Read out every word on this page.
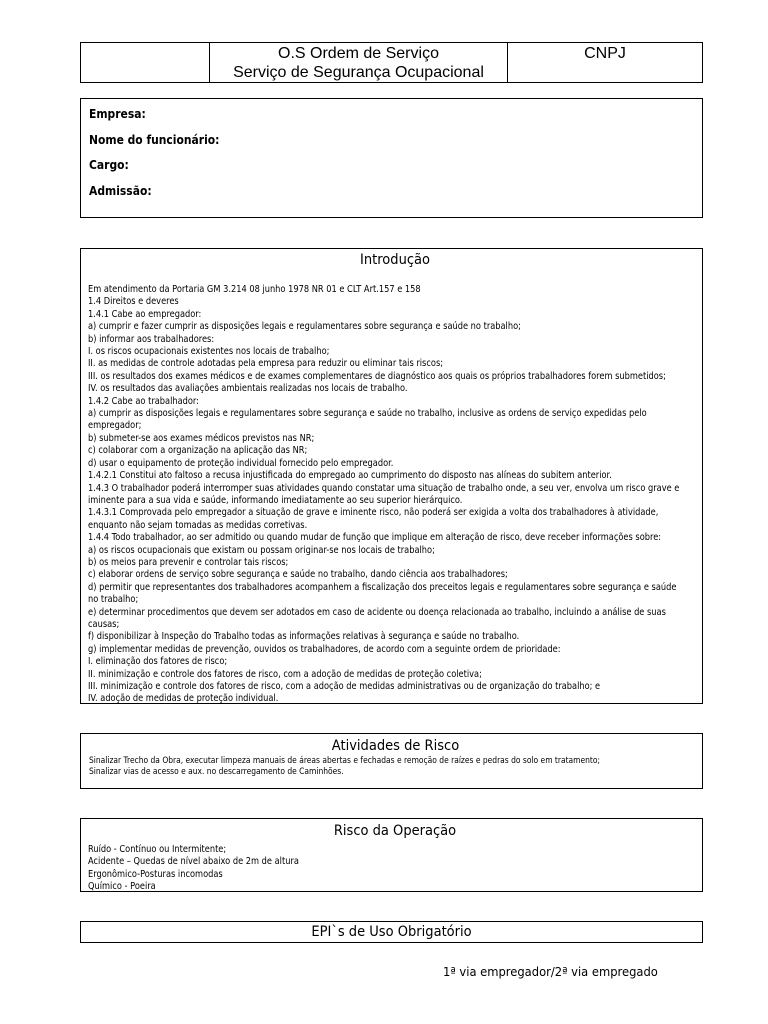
O.S Ordem de Serviço
Serviço de Segurança Ocupacional
CNPJ
Empresa:
Nome do funcionário:
Cargo:
Admissão:
Introdução
Em atendimento da Portaria GM 3.214 08 junho 1978 NR 01 e CLT Art.157 e 158
1.4 Direitos e deveres
1.4.1 Cabe ao empregador:
a) cumprir e fazer cumprir as disposições legais e regulamentares sobre segurança e saúde no trabalho;
b) informar aos trabalhadores:
I. os riscos ocupacionais existentes nos locais de trabalho;
II. as medidas de controle adotadas pela empresa para reduzir ou eliminar tais riscos;
III. os resultados dos exames médicos e de exames complementares de diagnóstico aos quais os próprios trabalhadores forem submetidos;
IV. os resultados das avaliações ambientais realizadas nos locais de trabalho.
1.4.2 Cabe ao trabalhador:
a) cumprir as disposições legais e regulamentares sobre segurança e saúde no trabalho, inclusive as ordens de serviço expedidas pelo
empregador;
b) submeter-se aos exames médicos previstos nas NR;
c) colaborar com a organização na aplicação das NR;
d) usar o equipamento de proteção individual fornecido pelo empregador.
1.4.2.1 Constitui ato faltoso a recusa injustificada do empregado ao cumprimento do disposto nas alíneas do subitem anterior.
1.4.3 O trabalhador poderá interromper suas atividades quando constatar uma situação de trabalho onde, a seu ver, envolva um risco grave e
iminente para a sua vida e saúde, informando imediatamente ao seu superior hierárquico.
1.4.3.1 Comprovada pelo empregador a situação de grave e iminente risco, não poderá ser exigida a volta dos trabalhadores à atividade,
enquanto não sejam tomadas as medidas corretivas.
1.4.4 Todo trabalhador, ao ser admitido ou quando mudar de função que implique em alteração de risco, deve receber informações sobre:
a) os riscos ocupacionais que existam ou possam originar-se nos locais de trabalho;
b) os meios para prevenir e controlar tais riscos;
c) elaborar ordens de serviço sobre segurança e saúde no trabalho, dando ciência aos trabalhadores;
d) permitir que representantes dos trabalhadores acompanhem a fiscalização dos preceitos legais e regulamentares sobre segurança e saúde
no trabalho;
e) determinar procedimentos que devem ser adotados em caso de acidente ou doença relacionada ao trabalho, incluindo a análise de suas
causas;
f) disponibilizar à Inspeção do Trabalho todas as informações relativas à segurança e saúde no trabalho.
g) implementar medidas de prevenção, ouvidos os trabalhadores, de acordo com a seguinte ordem de prioridade:
I. eliminação dos fatores de risco;
II. minimização e controle dos fatores de risco, com a adoção de medidas de proteção coletiva;
III. minimização e controle dos fatores de risco, com a adoção de medidas administrativas ou de organização do trabalho; e
IV. adoção de medidas de proteção individual.
Atividades de Risco
Sinalizar Trecho da Obra, executar limpeza manuais de áreas abertas e fechadas e remoção de raízes e pedras do solo em tratamento;
Sinalizar vias de acesso e aux. no descarregamento de Caminhões.
Risco da Operação
Ruído - Contínuo ou Intermitente;
Acidente – Quedas de nível abaixo de 2m de altura
Ergonômico-Posturas incomodas
Químico - Poeira
EPI`s de Uso Obrigatório
1ª via empregador/2ª via empregado
